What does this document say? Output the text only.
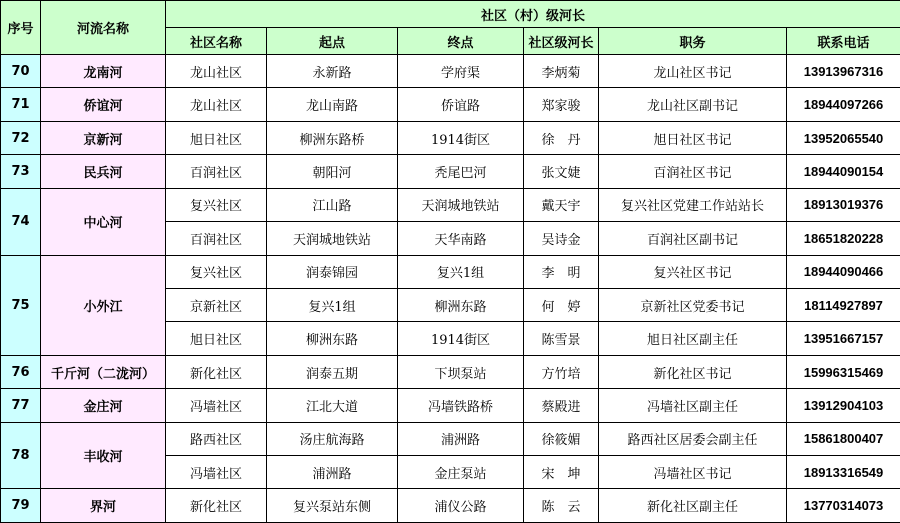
序号	河流名称	社区（村）级河长					
		社区名称	起点	终点	社区级河长	职务	联系电话
70	龙南河	龙山社区	永新路	学府渠	李炳菊	龙山社区书记	13913967316
71	侨谊河	龙山社区	龙山南路	侨谊路	郑家骏	龙山社区副书记	18944097266
72	京新河	旭日社区	柳洲东路桥	1914街区	徐　丹	旭日社区书记	13952065540
73	民兵河	百润社区	朝阳河	秃尾巴河	张文婕	百润社区书记	18944090154
74	中心河	复兴社区	江山路	天润城地铁站	戴天宇	复兴社区党建工作站站长	18913019376
		百润社区	天润城地铁站	天华南路	吴诗金	百润社区副书记	18651820228
75	小外江	复兴社区	润泰锦园	复兴1组	李　明	复兴社区书记	18944090466
		京新社区	复兴1组	柳洲东路	何　婷	京新社区党委书记	18114927897
		旭日社区	柳洲东路	1914街区	陈雪景	旭日社区副主任	13951667157
76	千斤河（二泷河）	新化社区	润泰五期	下坝泵站	方竹培	新化社区书记	15996315469
77	金庄河	冯墙社区	江北大道	冯墙铁路桥	蔡殿进	冯墙社区副主任	13912904103
78	丰收河	路西社区	汤庄航海路	浦洲路	徐筱媚	路西社区居委会副主任	15861800407
		冯墙社区	浦洲路	金庄泵站	宋　坤	冯墙社区书记	18913316549
79	界河	新化社区	复兴泵站东侧	浦仪公路	陈　云	新化社区副主任	13770314073
